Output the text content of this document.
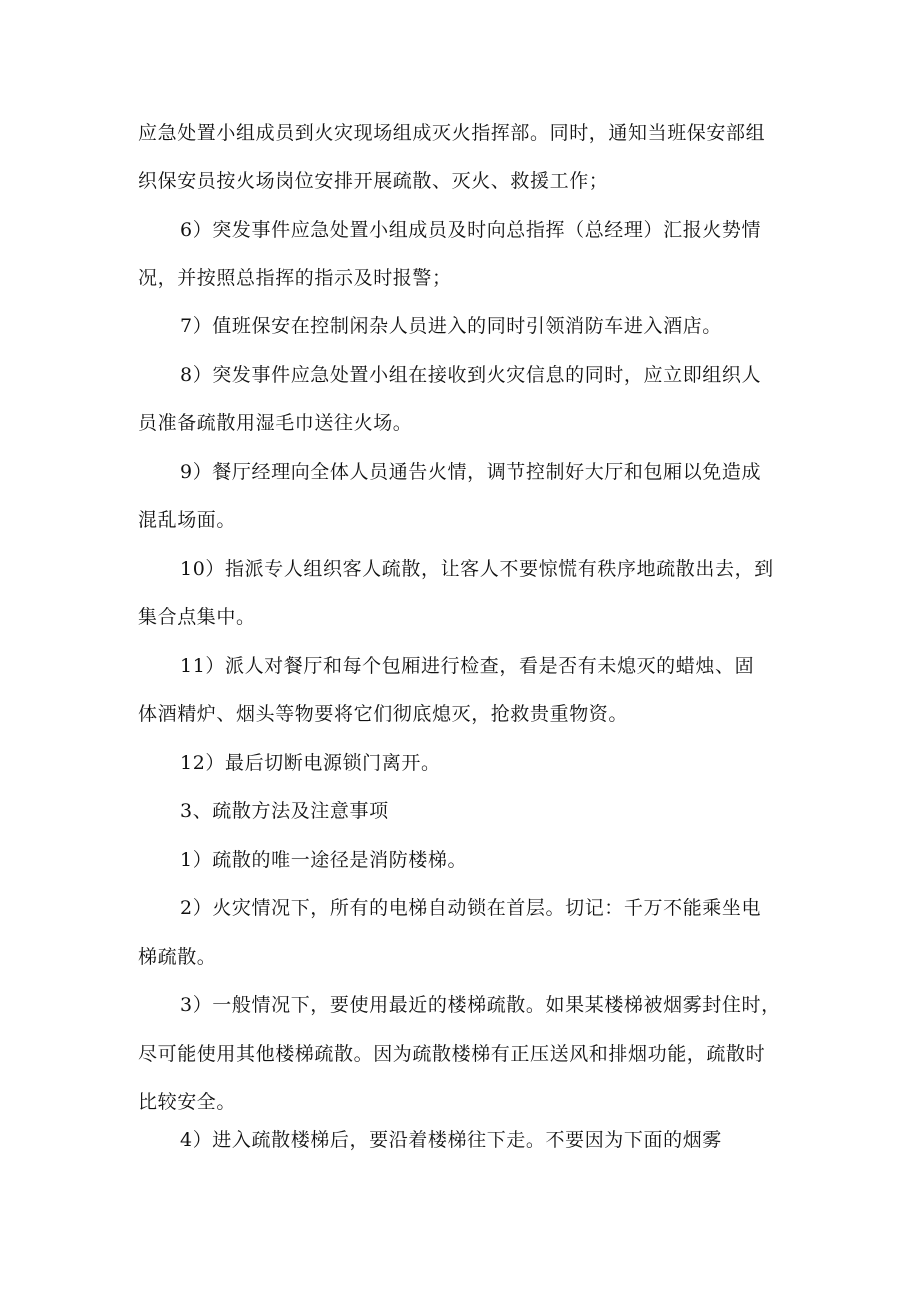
应急处置小组成员到火灾现场组成灭火指挥部。同时，通知当班保安部组
织保安员按火场岗位安排开展疏散、灭火、救援工作；
6）突发事件应急处置小组成员及时向总指挥（总经理）汇报火势情
况，并按照总指挥的指示及时报警；
7）值班保安在控制闲杂人员进入的同时引领消防车进入酒店。
8）突发事件应急处置小组在接收到火灾信息的同时，应立即组织人
员准备疏散用湿毛巾送往火场。
9）餐厅经理向全体人员通告火情，调节控制好大厅和包厢以免造成
混乱场面。
10）指派专人组织客人疏散，让客人不要惊慌有秩序地疏散出去，到
集合点集中。
11）派人对餐厅和每个包厢进行检查，看是否有未熄灭的蜡烛、固
体酒精炉、烟头等物要将它们彻底熄灭，抢救贵重物资。
12）最后切断电源锁门离开。
3、疏散方法及注意事项
1）疏散的唯一途径是消防楼梯。
2）火灾情况下，所有的电梯自动锁在首层。切记：千万不能乘坐电
梯疏散。
3）一般情况下，要使用最近的楼梯疏散。如果某楼梯被烟雾封住时，
尽可能使用其他楼梯疏散。因为疏散楼梯有正压送风和排烟功能，疏散时
比较安全。
4）进入疏散楼梯后，要沿着楼梯往下走。不要因为下面的烟雾
